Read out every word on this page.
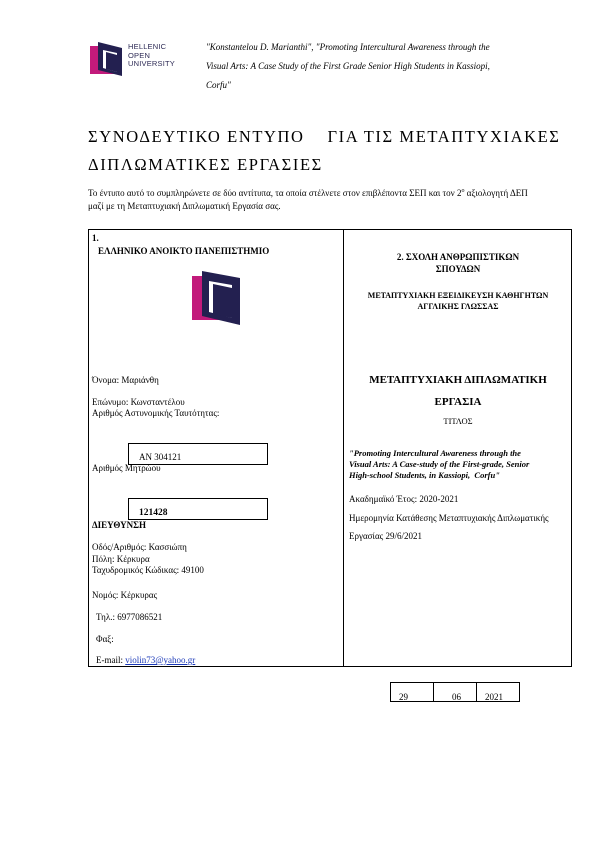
HELLENIC
OPEN
UNIVERSITY
"Konstantelou D. Marianthi", "Promoting Intercultural Awareness through the
Visual Arts: A Case Study of the First Grade Senior High Students in Kassiopi,
Corfu"
ΣΥΝΟΔΕΥΤΙΚΟ ΕΝΤΥΠΟ    ΓΙΑ ΤΙΣ ΜΕΤΑΠΤΥΧΙΑΚΕΣ
ΔΙΠΛΩΜΑΤΙΚΕΣ ΕΡΓΑΣΙΕΣ
Το έντυπο αυτό το συμπληρώνετε σε δύο αντίτυπα, τα οποία στέλνετε στον επιβλέποντα ΣΕΠ και τον $2^o$ αξιολογητή ΔΕΠ μαζί με τη Μεταπτυχιακή Διπλωματική Εργασία σας.
1.
ΕΛΛΗΝΙΚΟ ΑΝΟΙΚΤΟ ΠΑΝΕΠΙΣΤΗΜΙΟ
Όνομα: Μαριάνθη
Επώνυμο: Κωνσταντέλου
Αριθμός Αστυνομικής Ταυτότητας:
ΑΝ 304121
Αριθμός Μητρώου
121428
ΔΙΕΥΘΥΝΣΗ
Οδός/Αριθμός: Κασσιώπη
Πόλη: Κέρκυρα
Ταχυδρομικός Κώδικας: 49100
Νομός: Κέρκυρας
Τηλ.: 6977086521
Φαξ:
E-mail: violin73@yahoo.gr
2. ΣΧΟΛΗ ΑΝΘΡΩΠΙΣΤΙΚΩΝ
ΣΠΟΥΔΩΝ
ΜΕΤΑΠΤΥΧΙΑΚΗ ΕΞΕΙΔΙΚΕΥΣΗ ΚΑΘΗΓΗΤΩΝ
ΑΓΓΛΙΚΗΣ ΓΛΩΣΣΑΣ
ΜΕΤΑΠΤΥΧΙΑΚΗ ΔΙΠΛΩΜΑΤΙΚΗ
ΕΡΓΑΣΙΑ
ΤΙΤΛΟΣ
"Promoting Intercultural Awareness through the
Visual Arts: A Case-study of the First-grade, Senior
High-school Students, in Kassiopi,  Corfu"
Ακαδημαϊκό Έτος: 2020-2021
Ημερομηνία Κατάθεσης Μεταπτυχιακής Διπλωματικής
Εργασίας 29/6/2021
29	06	2021
